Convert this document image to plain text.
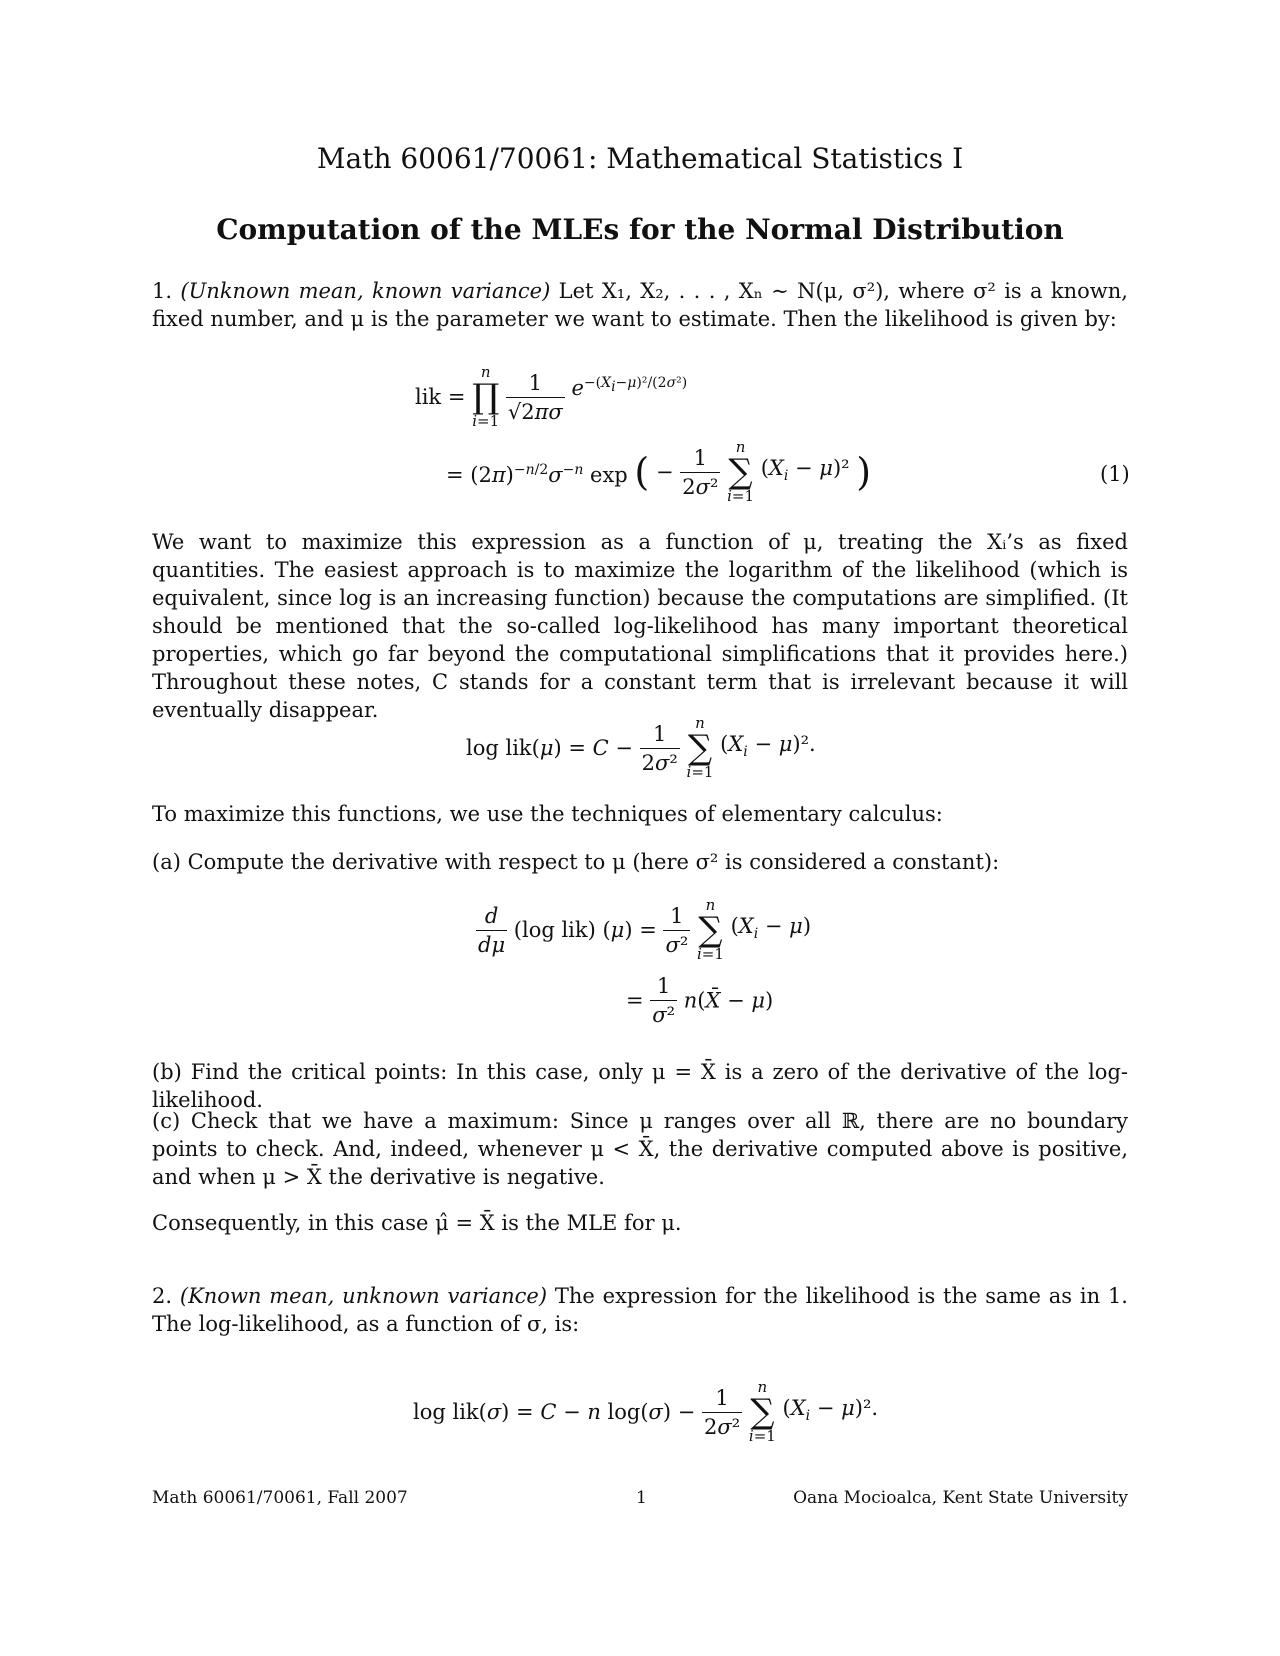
Math 60061/70061: Mathematical Statistics I
Computation of the MLEs for the Normal Distribution

1. (Unknown mean, known variance) Let X₁, X₂, . . . , Xₙ ∼ N(μ, σ²), where σ² is a known, fixed number, and μ is the parameter we want to estimate. Then the likelihood is given by:

lik =
n
∏
i=1
$\frac{1}{√2\pi\sigma} e^{-(X_i-\mu)^2/(2\sigma^2)}$
= $(2\pi)^{-n/2}\sigma^{-n}$ exp ( − $\frac{1}{\text{2σ²}}$
	n
∑
i=1
$(X_i - \mu)^2$ )	(1)

We want to maximize this expression as a function of μ, treating the Xᵢ’s as fixed quantities. The easiest approach is to maximize the logarithm of the likelihood (which is equivalent, since log is an increasing function) because the computations are simplified. (It should be mentioned that the so-called log-likelihood has many important theoretical properties, which go far beyond the computational simplifications that it provides here.) Throughout these notes, C stands for a constant term that is irrelevant because it will eventually disappear.

$\log lik(\mu) = C - \frac{1}{\text{2σ²}}$
	n
∑
i=1
$(X_i - \mu)^2$.

To maximize this functions, we use the techniques of elementary calculus:

(a) Compute the derivative with respect to μ (here σ² is considered a constant):

$\frac{d}{d\mu} (\log$ lik) $(\mu) = \frac{1}{\text{σ²}}$
	n
∑
i=1
$(X_i - \mu)$
= $\frac{1}{\text{σ²}}$ n(X̄ − μ)

(b) Find the critical points: In this case, only μ = X̄ is a zero of the derivative of the log-likelihood.

(c) Check that we have a maximum: Since μ ranges over all ℝ, there are no boundary points to check. And, indeed, whenever μ < X̄, the derivative computed above is positive, and when μ > X̄ the derivative is negative.

Consequently, in this case μ̂ = X̄ is the MLE for μ.

2. (Known mean, unknown variance) The expression for the likelihood is the same as in 1. The log-likelihood, as a function of σ, is:

log lik(σ) = C − n $\log(\sigma) - \frac{1}{\text{2σ²}}$
	n
∑
i=1
$(X_i - \mu)^2$.
Math 60061/70061, Fall 2007	1	Oana Mocioalca, Kent State University
